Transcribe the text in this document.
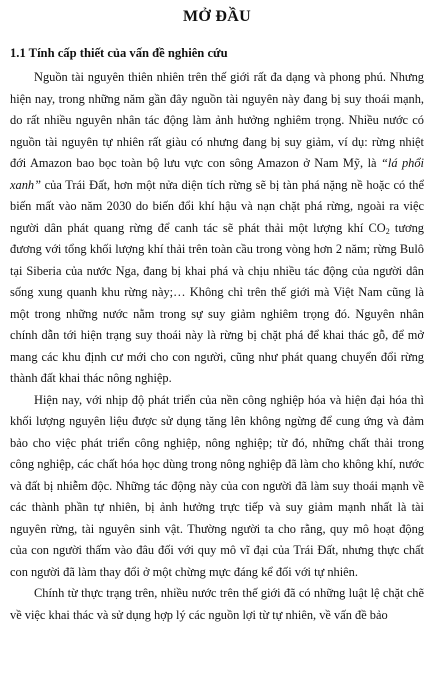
MỞ ĐẦU
1.1 Tính cấp thiết của vấn đề nghiên cứu

Nguồn tài nguyên thiên nhiên trên thế giới rất đa dạng và phong phú. Nhưng hiện nay, trong những năm gần đây nguồn tài nguyên này đang bị suy thoái mạnh, do rất nhiều nguyên nhân tác động làm ảnh hưởng nghiêm trọng. Nhiều nước có nguồn tài nguyên tự nhiên rất giàu có nhưng đang bị suy giảm, ví dụ: rừng nhiệt đới Amazon bao bọc toàn bộ lưu vực con sông Amazon ở Nam Mỹ, là “lá phổi xanh” của Trái Đất, hơn một nửa diện tích rừng sẽ bị tàn phá nặng nề hoặc có thể biến mất vào năm 2030 do biến đổi khí hậu và nạn chặt phá rừng, ngoài ra việc người dân phát quang rừng để canh tác sẽ phát thải một lượng khí $CO_2$ tương đương với tổng khối lượng khí thải trên toàn cầu trong vòng hơn 2 năm; rừng Bulô tại Siberia của nước Nga, đang bị khai phá và chịu nhiều tác động của người dân sống xung quanh khu rừng này;… Không chỉ trên thế giới mà Việt Nam cũng là một trong những nước nằm trong sự suy giảm nghiêm trọng đó. Nguyên nhân chính dẫn tới hiện trạng suy thoái này là rừng bị chặt phá để khai thác gỗ, để mở mang các khu định cư mới cho con người, cũng như phát quang chuyển đổi rừng thành đất khai thác nông nghiệp.

Hiện nay, với nhịp độ phát triển của nền công nghiệp hóa và hiện đại hóa thì khối lượng nguyên liệu được sử dụng tăng lên không ngừng để cung ứng và đảm bảo cho việc phát triển công nghiệp, nông nghiệp; từ đó, những chất thải trong công nghiệp, các chất hóa học dùng trong nông nghiệp đã làm cho không khí, nước và đất bị nhiễm độc. Những tác động này của con người đã làm suy thoái mạnh về các thành phần tự nhiên, bị ảnh hưởng trực tiếp và suy giảm mạnh nhất là tài nguyên rừng, tài nguyên sinh vật. Thường người ta cho rằng, quy mô hoạt động của con người thấm vào đâu đối với quy mô vĩ đại của Trái Đất, nhưng thực chất con người đã làm thay đổi ở một chừng mực đáng kể đối với tự nhiên.

Chính từ thực trạng trên, nhiều nước trên thế giới đã có những luật lệ chặt chẽ về việc khai thác và sử dụng hợp lý các nguồn lợi từ tự nhiên, về vấn đề bảo
